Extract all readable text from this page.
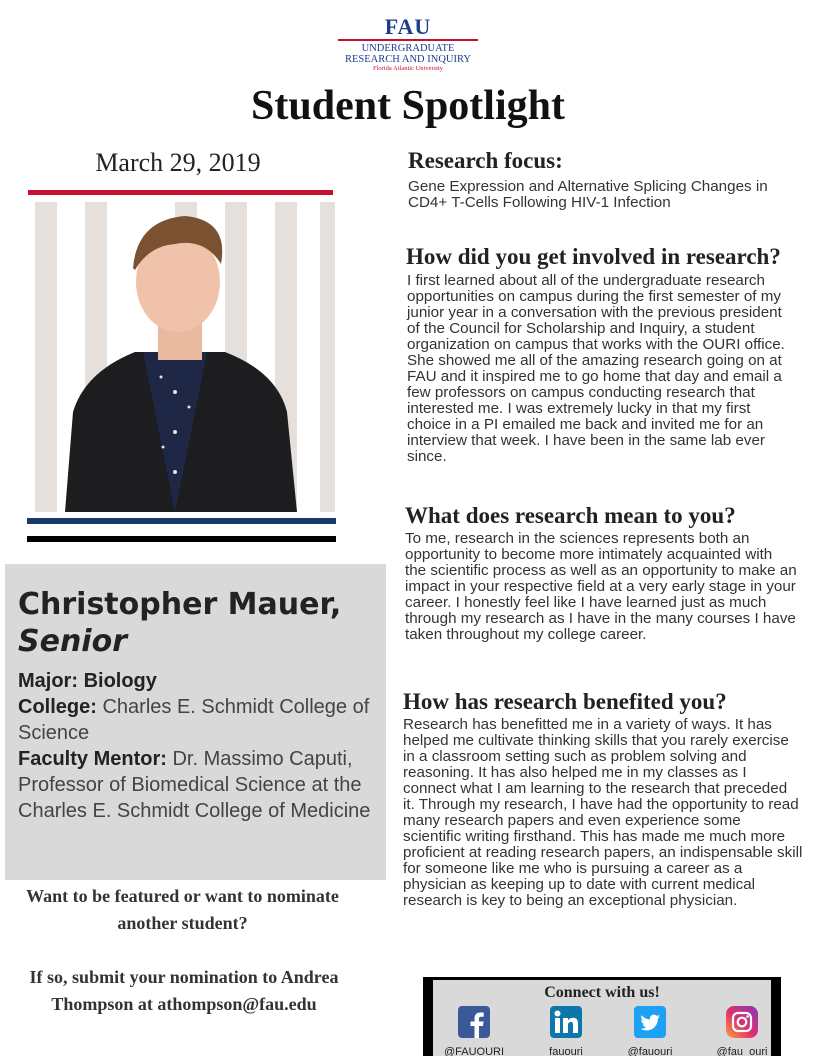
FAU
UNDERGRADUATE
RESEARCH AND INQUIRY
Florida Atlantic University
Student Spotlight
March 29, 2019
Christopher Mauer,
Senior

Major: Biology

College: Charles E. Schmidt College of Science

Faculty Mentor: Dr. Massimo Caputi, Professor of Biomedical Science at the Charles E. Schmidt College of Medicine

Want to be featured or want to nominate another student?
If so, submit your nomination to Andrea Thompson at athompson@fau.edu
Research focus:
Gene Expression and Alternative Splicing Changes in CD4+ T-Cells Following HIV-1 Infection
How did you get involved in research?
I first learned about all of the undergraduate research opportunities on campus during the first semester of my junior year in a conversation with the previous president of the Council for Scholarship and Inquiry, a student organization on campus that works with the OURI office. She showed me all of the amazing research going on at FAU and it inspired me to go home that day and email a few professors on campus conducting research that interested me. I was extremely lucky in that my first choice in a PI emailed me back and invited me for an interview that week. I have been in the same lab ever since.
What does research mean to you?
To me, research in the sciences represents both an opportunity to become more intimately acquainted with the scientific process as well as an opportunity to make an impact in your respective field at a very early stage in your career. I honestly feel like I have learned just as much through my research as I have in the many courses I have taken throughout my college career.
How has research benefited you?
Research has benefitted me in a variety of ways. It has helped me cultivate thinking skills that you rarely exercise in a classroom setting such as problem solving and reasoning. It has also helped me in my classes as I connect what I am learning to the research that preceded it. Through my research, I have had the opportunity to read many research papers and even experience some scientific writing firsthand. This has made me much more proficient at reading research papers, an indispensable skill for someone like me who is pursuing a career as a physician as keeping up to date with current medical research is key to being an exceptional physician.
Connect with us!
@FAUOURI	fauouri	@fauouri	@fau_ouri
